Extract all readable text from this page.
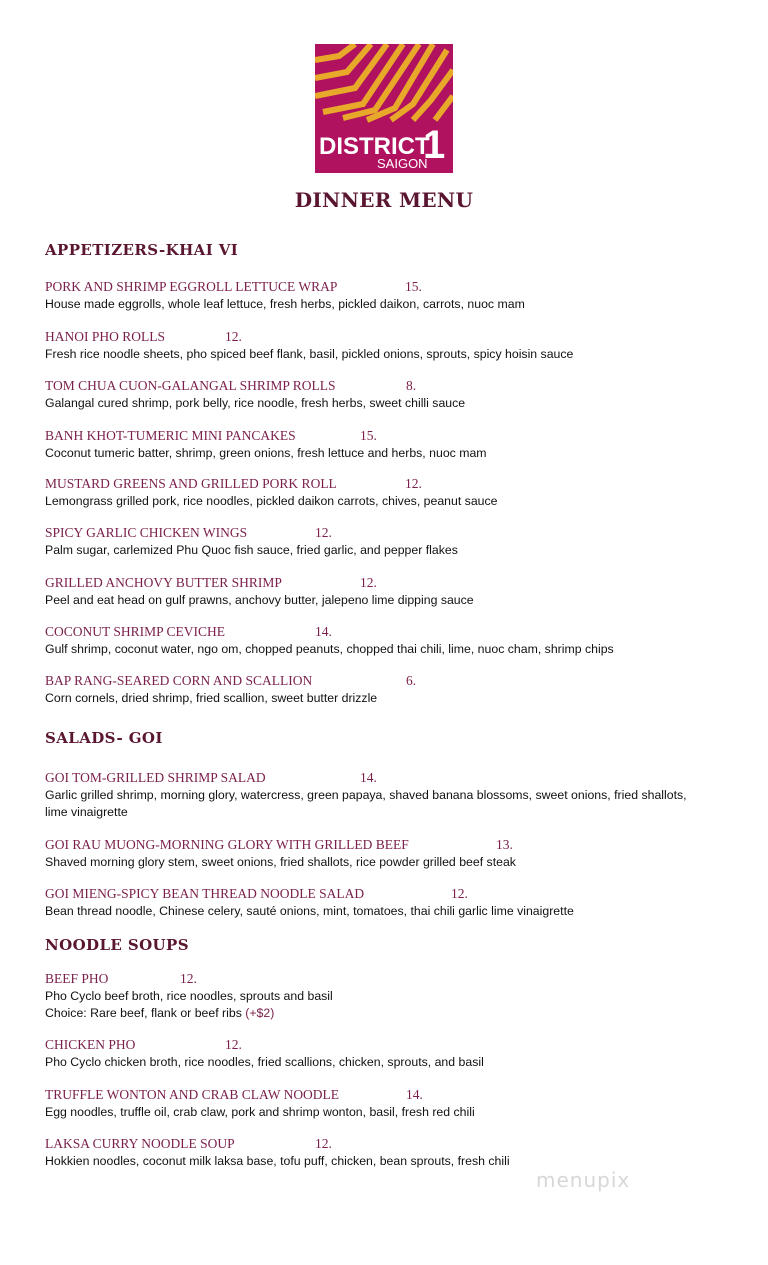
DISTRICT
1
SAIGON
DINNER MENU
APPETIZERS-KHAI VI
PORK AND SHRIMP EGGROLL LETTUCE WRAP	15.
House made eggrolls, whole leaf lettuce, fresh herbs, pickled daikon, carrots, nuoc mam
HANOI PHO ROLLS	12.
Fresh rice noodle sheets, pho spiced beef flank, basil, pickled onions, sprouts, spicy hoisin sauce
TOM CHUA CUON-GALANGAL SHRIMP ROLLS	8.
Galangal cured shrimp, pork belly, rice noodle, fresh herbs, sweet chilli sauce
BANH KHOT-TUMERIC MINI PANCAKES	15.
Coconut tumeric batter, shrimp, green onions, fresh lettuce and herbs, nuoc mam
MUSTARD GREENS AND GRILLED PORK ROLL	12.
Lemongrass grilled pork, rice noodles, pickled daikon carrots, chives, peanut sauce
SPICY GARLIC CHICKEN WINGS	12.
Palm sugar, carlemized Phu Quoc fish sauce, fried garlic, and pepper flakes
GRILLED ANCHOVY BUTTER SHRIMP	12.
Peel and eat head on gulf prawns, anchovy butter, jalepeno lime dipping sauce
COCONUT SHRIMP CEVICHE	14.
Gulf shrimp, coconut water, ngo om, chopped peanuts, chopped thai chili, lime, nuoc cham, shrimp chips
BAP RANG-SEARED CORN AND SCALLION	6.
Corn cornels, dried shrimp, fried scallion, sweet butter drizzle
SALADS- GOI
GOI TOM-GRILLED SHRIMP SALAD	14.
Garlic grilled shrimp, morning glory, watercress, green papaya, shaved banana blossoms, sweet onions, fried shallots, lime vinaigrette
GOI RAU MUONG-MORNING GLORY WITH GRILLED BEEF	13.
Shaved morning glory stem, sweet onions, fried shallots, rice powder grilled beef steak
GOI MIENG-SPICY BEAN THREAD NOODLE SALAD	12.
Bean thread noodle, Chinese celery, sauté onions, mint, tomatoes, thai chili garlic lime vinaigrette
NOODLE SOUPS
BEEF PHO	12.
Pho Cyclo beef broth, rice noodles, sprouts and basil
Choice: Rare beef, flank or beef ribs (+$2)
CHICKEN PHO	12.
Pho Cyclo chicken broth, rice noodles, fried scallions, chicken, sprouts, and basil
TRUFFLE WONTON AND CRAB CLAW NOODLE	14.
Egg noodles, truffle oil, crab claw, pork and shrimp wonton, basil, fresh red chili
LAKSA CURRY NOODLE SOUP	12.
Hokkien noodles, coconut milk laksa base, tofu puff, chicken, bean sprouts, fresh chili
menupix
